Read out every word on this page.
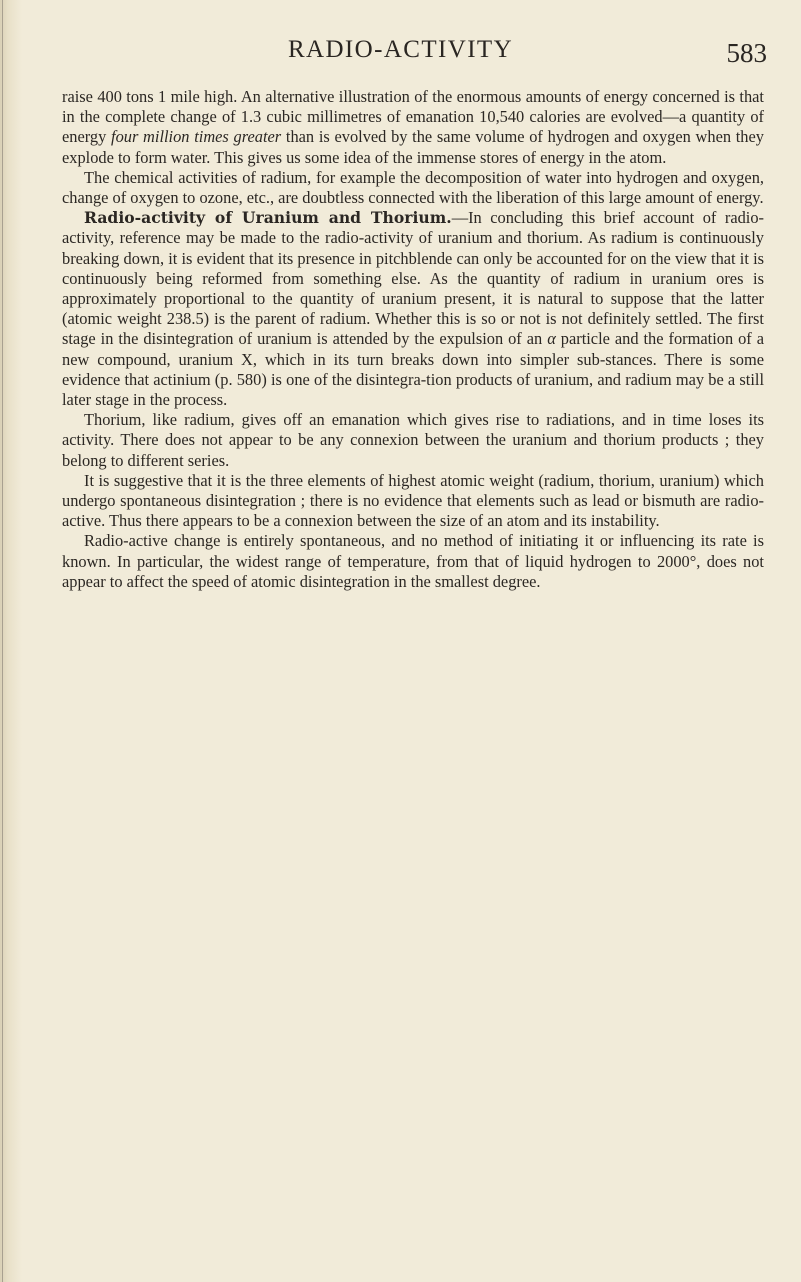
RADIO-ACTIVITY	583

raise 400 tons 1 mile high. An alternative illustration of the enormous amounts of energy concerned is that in the complete change of 1.3 cubic millimetres of emanation 10,540 calories are evolved—a quantity of energy four million times greater than is evolved by the same volume of hydrogen and oxygen when they explode to form water. This gives us some idea of the immense stores of energy in the atom.

The chemical activities of radium, for example the decomposition of water into hydrogen and oxygen, change of oxygen to ozone, etc., are doubtless connected with the liberation of this large amount of energy.

Radio-activity of Uranium and Thorium.—In concluding this brief account of radio-activity, reference may be made to the radio-activity of uranium and thorium. As radium is continuously breaking down, it is evident that its presence in pitchblende can only be accounted for on the view that it is continuously being reformed from something else. As the quantity of radium in uranium ores is approximately proportional to the quantity of uranium present, it is natural to suppose that the latter (atomic weight 238.5) is the parent of radium. Whether this is so or not is not definitely settled. The first stage in the disintegration of uranium is attended by the expulsion of an α particle and the formation of a new compound, uranium X, which in its turn breaks down into simpler sub-stances. There is some evidence that actinium (p. 580) is one of the disintegra-tion products of uranium, and radium may be a still later stage in the process.

Thorium, like radium, gives off an emanation which gives rise to radiations, and in time loses its activity. There does not appear to be any connexion between the uranium and thorium products ; they belong to different series.

It is suggestive that it is the three elements of highest atomic weight (radium, thorium, uranium) which undergo spontaneous disintegration ; there is no evidence that elements such as lead or bismuth are radio-active. Thus there appears to be a connexion between the size of an atom and its instability.

Radio-active change is entirely spontaneous, and no method of initiating it or influencing its rate is known. In particular, the widest range of temperature, from that of liquid hydrogen to 2000°, does not appear to affect the speed of atomic disintegration in the smallest degree.
